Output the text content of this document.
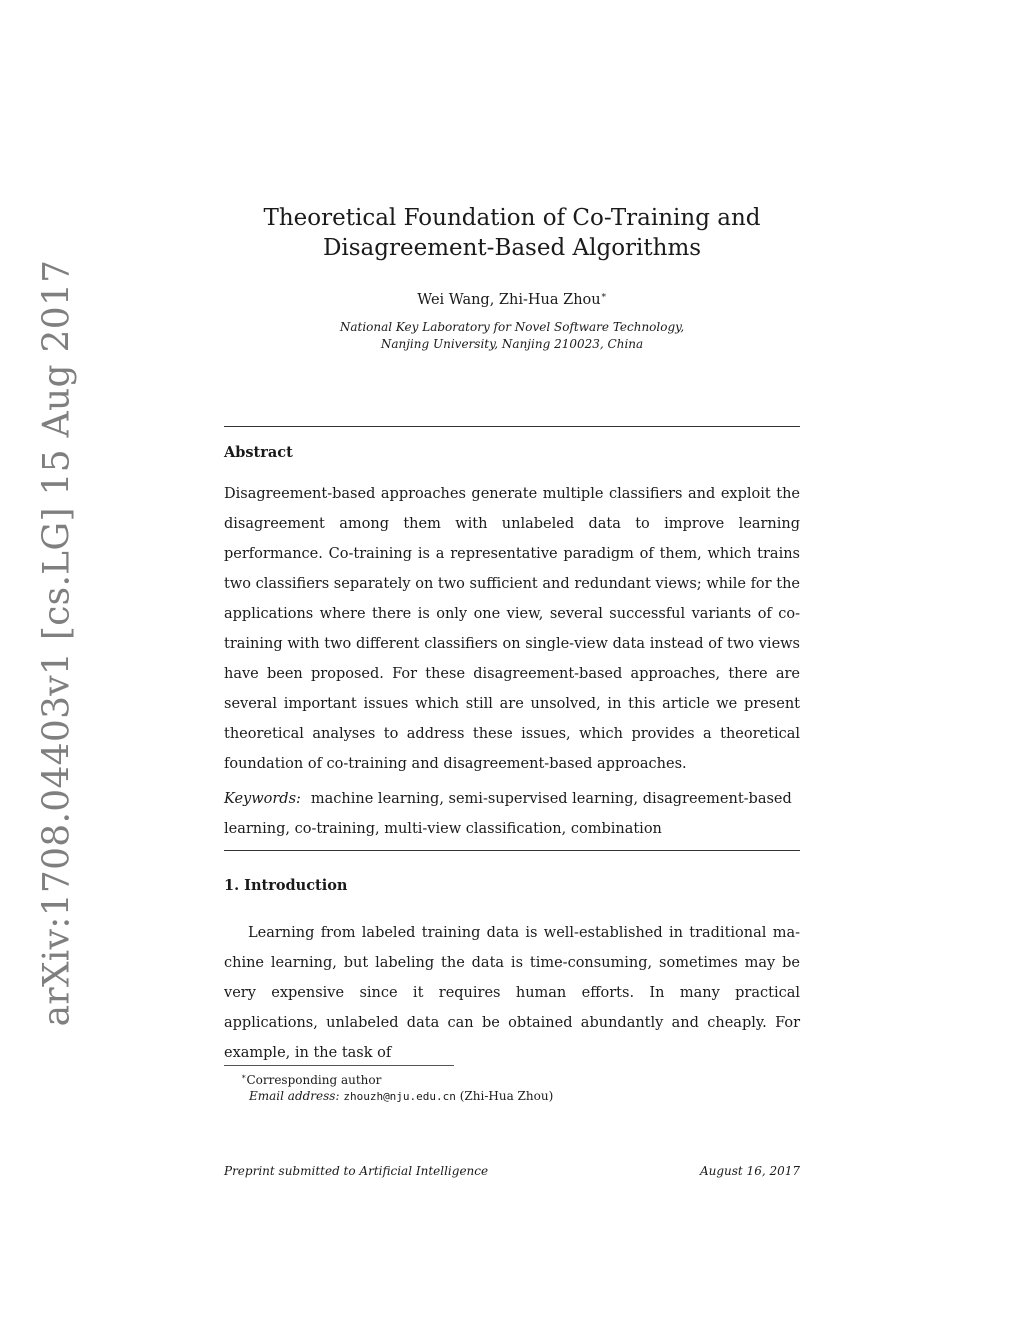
arXiv:1708.04403v1 [cs.LG] 15 Aug 2017
Theoretical Foundation of Co-Training and
Disagreement-Based Algorithms
Wei Wang, Zhi-Hua Zhou∗
National Key Laboratory for Novel Software Technology,
Nanjing University, Nanjing 210023, China
Abstract

Disagreement-based approaches generate multiple classifiers and exploit the disagreement among them with unlabeled data to improve learning performance. Co-training is a representative paradigm of them, which trains two classifiers separately on two sufficient and redundant views; while for the applications where there is only one view, several successful variants of co-training with two different classifiers on single-view data instead of two views have been proposed. For these disagreement-based approaches, there are several important issues which still are unsolved, in this article we present theoretical analyses to address these issues, which provides a theoretical foundation of co-training and disagreement-based approaches.

Keywords: machine learning, semi-supervised learning, disagreement-based learning, co-training, multi-view classification, combination

1. Introduction

Learning from labeled training data is well-established in traditional machine learning, but labeling the data is time-consuming, sometimes may be very expensive since it requires human efforts. In many practical applications, unlabeled data can be obtained abundantly and cheaply. For example, in the task of

∗Corresponding author
Email address: zhouzh@nju.edu.cn (Zhi-Hua Zhou)
Preprint submitted to Artificial Intelligence	August 16, 2017
